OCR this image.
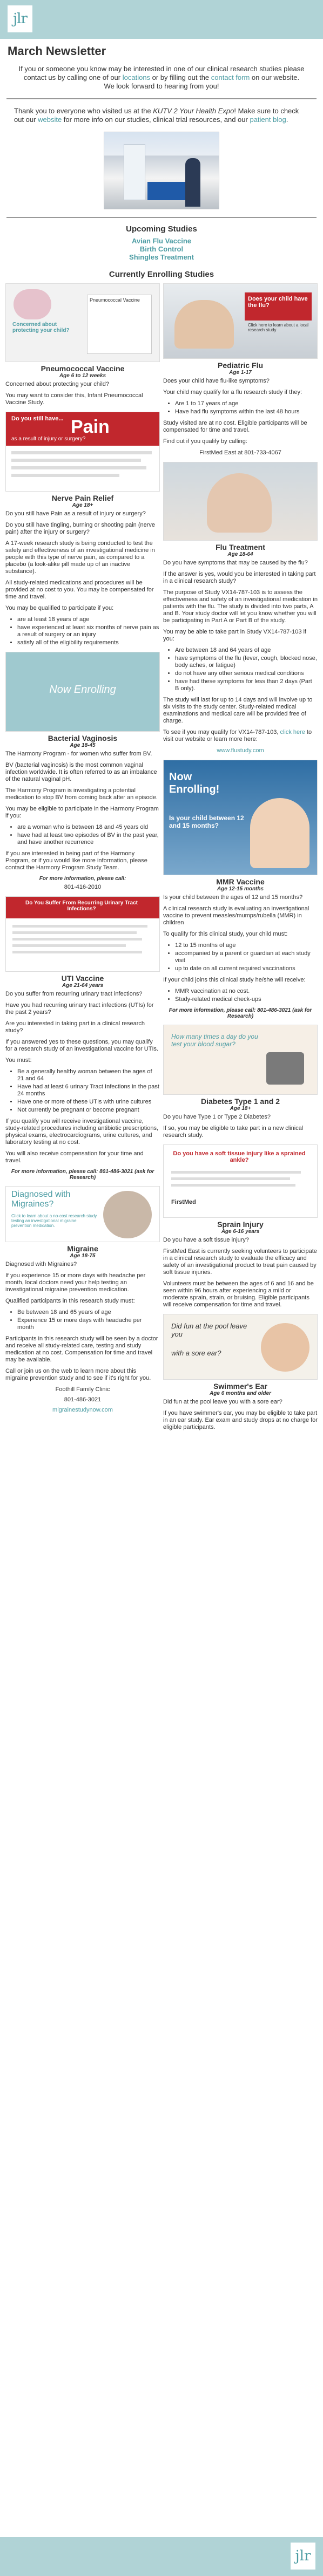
jlr
March Newsletter
If you or someone you know may be interested in one of our clinical research studies please contact us by calling one of our locations or by filling out the contact form on our website.
We look forward to hearing from you!
Thank you to everyone who visited us at the KUTV 2 Your Health Expo! Make sure to check out our website for more info on our studies, clinical trial resources, and our patient blog.
Upcoming Studies
Avian Flu Vaccine
Birth Control
Shingles Treatment
Currently Enrolling Studies
Concerned about protecting your child?
Pneumococcal Vaccine
Pneumococcal Vaccine
Age 6 to 12 weeks

Concerned about protecting your child?

You may want to consider this, Infant Pneumococcal Vaccine Study.

Do you still have... Pain
as a result of injury or surgery?
Nerve Pain Relief
Age 18+

Do you still have Pain as a result of injury or surgery?

Do you still have tingling, burning or shooting pain (nerve pain) after the injury or surgery?

A 17-week research study is being conducted to test the safety and effectiveness of an investigational medicine in people with this type of nerve pain, as compared to a placebo (a look-alike pill made up of an inactive substance).

All study-related medications and procedures will be provided at no cost to you. You may be compensated for time and travel.

You may be qualified to participate if you:

• are at least 18 years of age
• have experienced at least six months of nerve pain as a result of surgery or an injury
• satisfy all of the eligibility requirements
Now Enrolling
Bacterial Vaginosis
Age 18-45

The Harmony Program - for women who suffer from BV.

BV (bacterial vaginosis) is the most common vaginal infection worldwide. It is often referred to as an imbalance of the natural vaginal pH.

The Harmony Program is investigating a potential medication to stop BV from coming back after an episode.

You may be eligible to participate in the Harmony Program if you:

• are a woman who is between 18 and 45 years old
• have had at least two episodes of BV in the past year, and have another recurrence

If you are interested in being part of the Harmony Program, or if you would like more information, please contact the Harmony Program Study Team.

For more information, please call:
801-416-2010
Do You Suffer From Recurring Urinary Tract Infections?
UTI Vaccine
Age 21-64 years

Do you suffer from recurring urinary tract infections?

Have you had recurring urinary tract infections (UTIs) for the past 2 years?

Are you interested in taking part in a clinical research study?

If you answered yes to these questions, you may qualify for a research study of an investigational vaccine for UTIs.

You must:

• Be a generally healthy woman between the ages of 21 and 64
• Have had at least 6 urinary Tract Infections in the past 24 months
• Have one or more of these UTIs with urine cultures
• Not currently be pregnant or become pregnant

If you qualify you will receive investigational vaccine, study-related procedures including antibiotic prescriptions, physical exams, electrocardiograms, urine cultures, and laboratory testing at no cost.

You will also receive compensation for your time and travel.

For more information, please call: 801-486-3021 (ask for Research)
Diagnosed with Migraines?
Click to learn about a no-cost research study testing an investigational migraine prevention medication.
Migraine
Age 18-75

Diagnosed with Migraines?

If you experience 15 or more days with headache per month, local doctors need your help testing an investigational migraine prevention medication.

Qualified participants in this research study must:

• Be between 18 and 65 years of age
• Experience 15 or more days with headache per month

Participants in this research study will be seen by a doctor and receive all study-related care, testing and study medication at no cost. Compensation for time and travel may be available.

Call or join us on the web to learn more about this migraine prevention study and to see if it's right for you.

Foothill Family Clinic
801-486-3021
migrainestudynow.com
Does your child have the flu?
Click here to learn about a local research study
Pediatric Flu
Age 1-17

Does your child have flu-like symptoms?

Your child may qualify for a flu research study if they:

• Are 1 to 17 years of age
• Have had flu symptoms within the last 48 hours

Study visited are at no cost. Eligible participants will be compensated for time and travel.

Find out if you qualify by calling:

FirstMed East at 801-733-4067
Flu Treatment
Age 18-64

Do you have symptoms that may be caused by the flu?

If the answer is yes, would you be interested in taking part in a clinical research study?

The purpose of Study VX14-787-103 is to assess the effectiveness and safety of an investigational medication in patients with the flu. The study is divided into two parts, A and B. Your study doctor will let you know whether you will be participating in Part A or Part B of the study.

You may be able to take part in Study VX14-787-103 if you:

• Are between 18 and 64 years of age
• have symptoms of the flu (fever, cough, blocked nose, body aches, or fatigue)
• do not have any other serious medical conditions
• have had these symptoms for less than 2 days (Part B only).

The study will last for up to 14 days and will involve up to six visits to the study center. Study-related medical examinations and medical care will be provided free of charge.

To see if you may qualify for VX14-787-103, click here to visit our website or learn more here:

www.flustudy.com
Now Enrolling!
Is your child between 12 and 15 months?
MMR Vaccine
Age 12-15 months

Is your child between the ages of 12 and 15 months?

A clinical research study is evaluating an investigational vaccine to prevent measles/mumps/rubella (MMR) in children

To qualify for this clinical study, your child must:

• 12 to 15 months of age
• accompanied by a parent or guardian at each study visit
• up to date on all current required vaccinations

If your child joins this clinical study he/she will receive:

• MMR vaccination at no cost.
• Study-related medical check-ups
For more information, please call: 801-486-3021 (ask for Research)
How many times a day do you test your blood sugar?
Diabetes Type 1 and 2
Age 18+

Do you have Type 1 or Type 2 Diabetes?

If so, you may be eligible to take part in a new clinical research study.

Do you have a soft tissue injury like a sprained ankle?
FirstMed
Sprain Injury
Age 6-16 years

Do you have a soft tissue injury?

FirstMed East is currently seeking volunteers to participate in a clinical research study to evaluate the efficacy and safety of an investigational product to treat pain caused by soft tissue injuries.

Volunteers must be between the ages of 6 and 16 and be seen within 96 hours after experiencing a mild or moderate sprain, strain, or bruising. Eligible participants will receive compensation for time and travel.

Did fun at the pool leave you
with a sore ear?
Swimmer's Ear
Age 6 months and older

Did fun at the pool leave you with a sore ear?

If you have swimmer's ear, you may be eligible to take part in an ear study. Ear exam and study drops at no charge for eligible participants.

jlr
